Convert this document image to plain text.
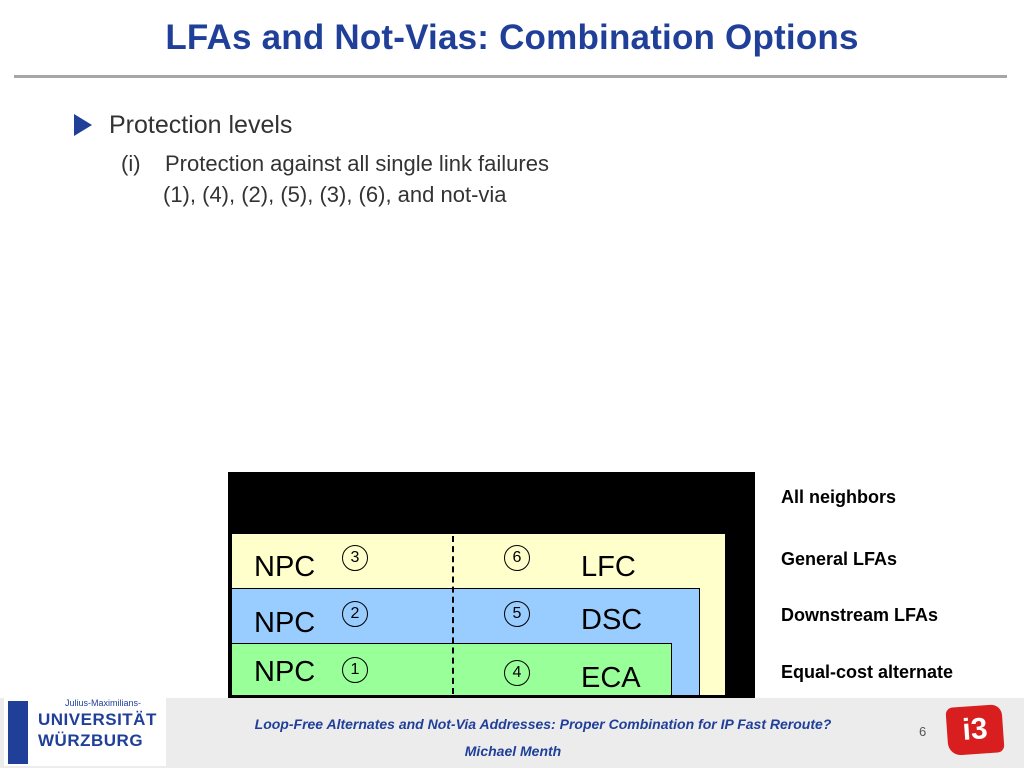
LFAs and Not-Vias: Combination Options
Protection levels
(i) Protection against all single link failures
(1), (4), (2), (5), (3), (6), and not-via
NPC	3	6 LFC
NPC	2	5 DSC
NPC	1	4 ECA
All neighbors
General LFAs
Downstream LFAs
Equal-cost alternate
Julius-Maximilians-
UNIVERSITÄT
WÜRZBURG
Loop-Free Alternates and Not-Via Addresses: Proper Combination for IP Fast Reroute?
Michael Menth
6	i3
